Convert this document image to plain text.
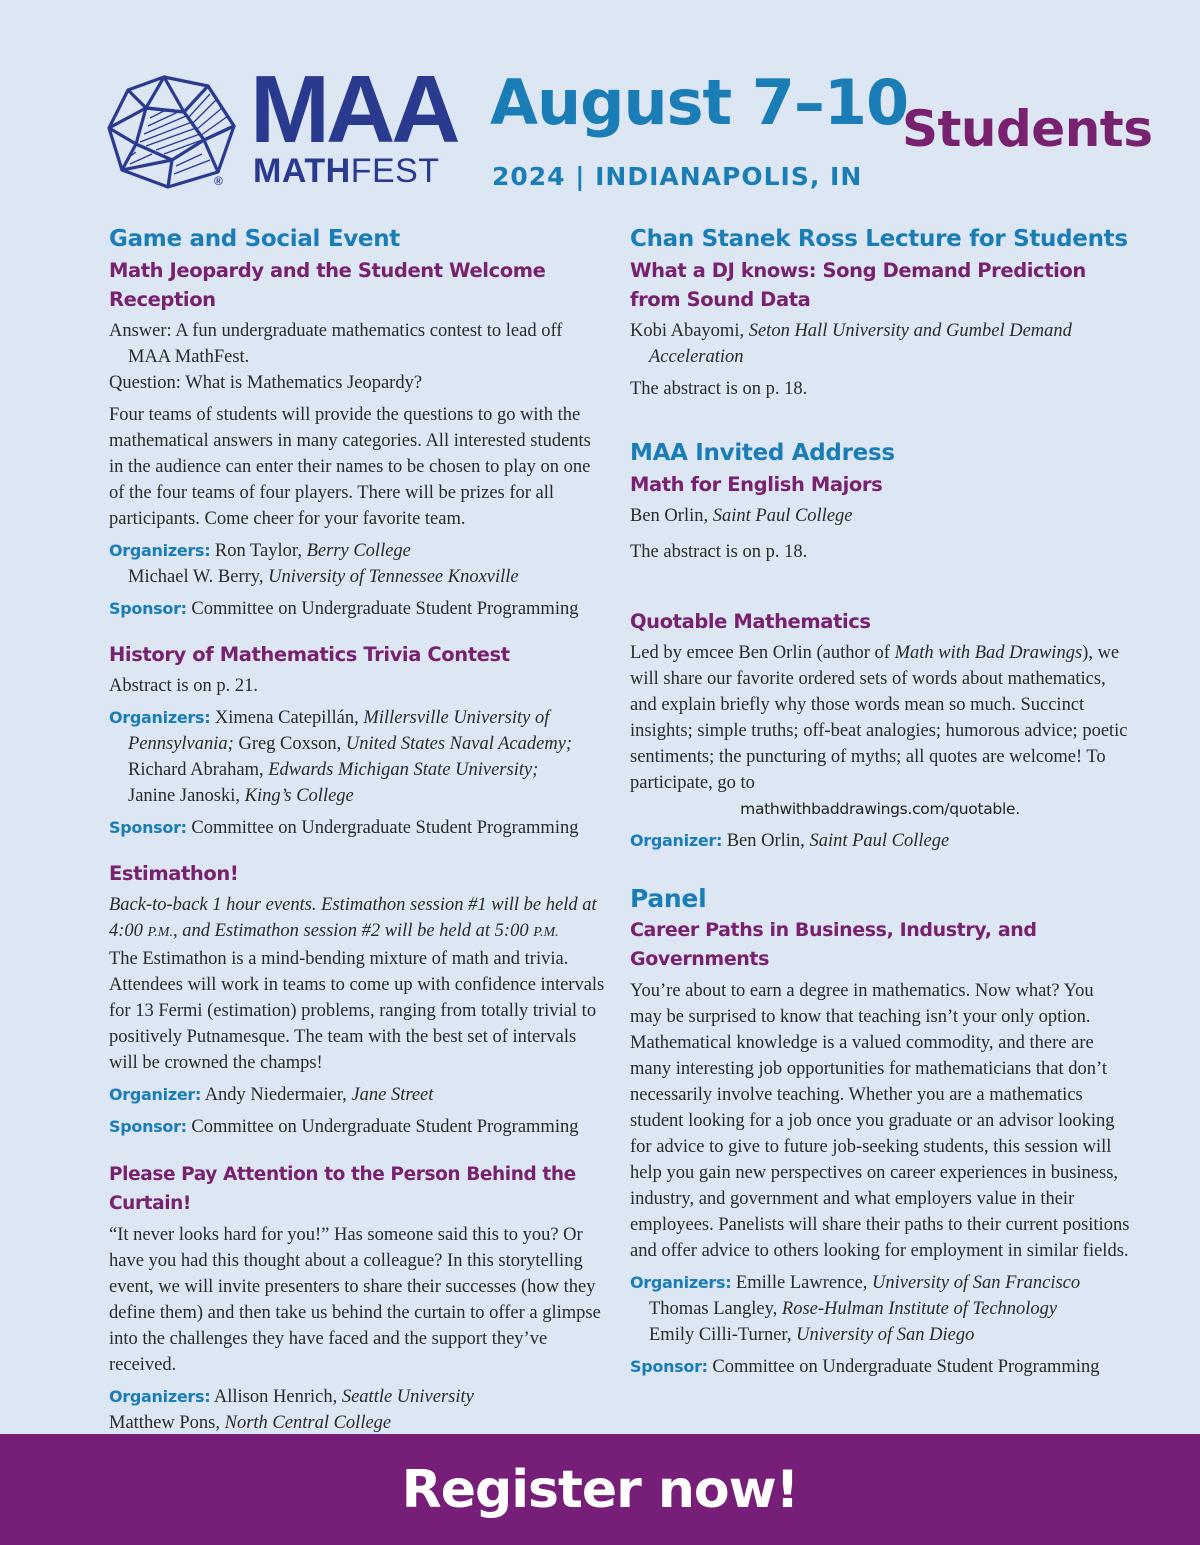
®
MAA
MATHFEST
August 7–10
2024 | INDIANAPOLIS, IN
Students
Game and Social Event
Math Jeopardy and the Student Welcome Reception
Answer: A fun undergraduate mathematics contest to lead off MAA MathFest.
Question: What is Mathematics Jeopardy?
Four teams of students will provide the questions to go with the mathematical answers in many categories. All interested students in the audience can enter their names to be chosen to play on one of the four teams of four players. There will be prizes for all participants. Come cheer for your favorite team.
Organizers: Ron Taylor, Berry College
Michael W. Berry, University of Tennessee Knoxville
Sponsor: Committee on Undergraduate Student Programming
History of Mathematics Trivia Contest
Abstract is on p. 21.
Organizers: Ximena Catepillán, Millersville University of Pennsylvania; Greg Coxson, United States Naval Academy; Richard Abraham, Edwards Michigan State University;
Janine Janoski, King’s College
Sponsor: Committee on Undergraduate Student Programming
Estimathon!
Back-to-back 1 hour events. Estimathon session #1 will be held at 4:00 P.M., and Estimathon session #2 will be held at 5:00 P.M.
The Estimathon is a mind-bending mixture of math and trivia. Attendees will work in teams to come up with confidence intervals for 13 Fermi (estimation) problems, ranging from totally trivial to positively Putnamesque. The team with the best set of intervals will be crowned the champs!
Organizer: Andy Niedermaier, Jane Street
Sponsor: Committee on Undergraduate Student Programming
Please Pay Attention to the Person Behind the Curtain!
“It never looks hard for you!” Has someone said this to you? Or have you had this thought about a colleague? In this storytelling event, we will invite presenters to share their successes (how they define them) and then take us behind the curtain to offer a glimpse into the challenges they have faced and the support they’ve received.
Organizers: Allison Henrich, Seattle University
Matthew Pons, North Central College
Chan Stanek Ross Lecture for Students
What a DJ knows: Song Demand Prediction from Sound Data
Kobi Abayomi, Seton Hall University and Gumbel Demand Acceleration
The abstract is on p. 18.
MAA Invited Address
Math for English Majors
Ben Orlin, Saint Paul College
The abstract is on p. 18.
Quotable Mathematics
Led by emcee Ben Orlin (author of Math with Bad Drawings), we will share our favorite ordered sets of words about mathematics, and explain briefly why those words mean so much. Succinct insights; simple truths; off-beat analogies; humorous advice; poetic sentiments; the puncturing of myths; all quotes are welcome! To participate, go to
mathwithbaddrawings.com/quotable.
Organizer: Ben Orlin, Saint Paul College
Panel
Career Paths in Business, Industry, and Governments
You’re about to earn a degree in mathematics. Now what? You may be surprised to know that teaching isn’t your only option. Mathematical knowledge is a valued commodity, and there are many interesting job opportunities for mathematicians that don’t necessarily involve teaching. Whether you are a mathematics student looking for a job once you graduate or an advisor looking for advice to give to future job-seeking students, this session will help you gain new perspectives on career experiences in business, industry, and government and what employers value in their employees. Panelists will share their paths to their current positions and offer advice to others looking for employment in similar fields.
Organizers: Emille Lawrence, University of San Francisco
Thomas Langley, Rose-Hulman Institute of Technology
Emily Cilli-Turner, University of San Diego
Sponsor: Committee on Undergraduate Student Programming
Register now!
